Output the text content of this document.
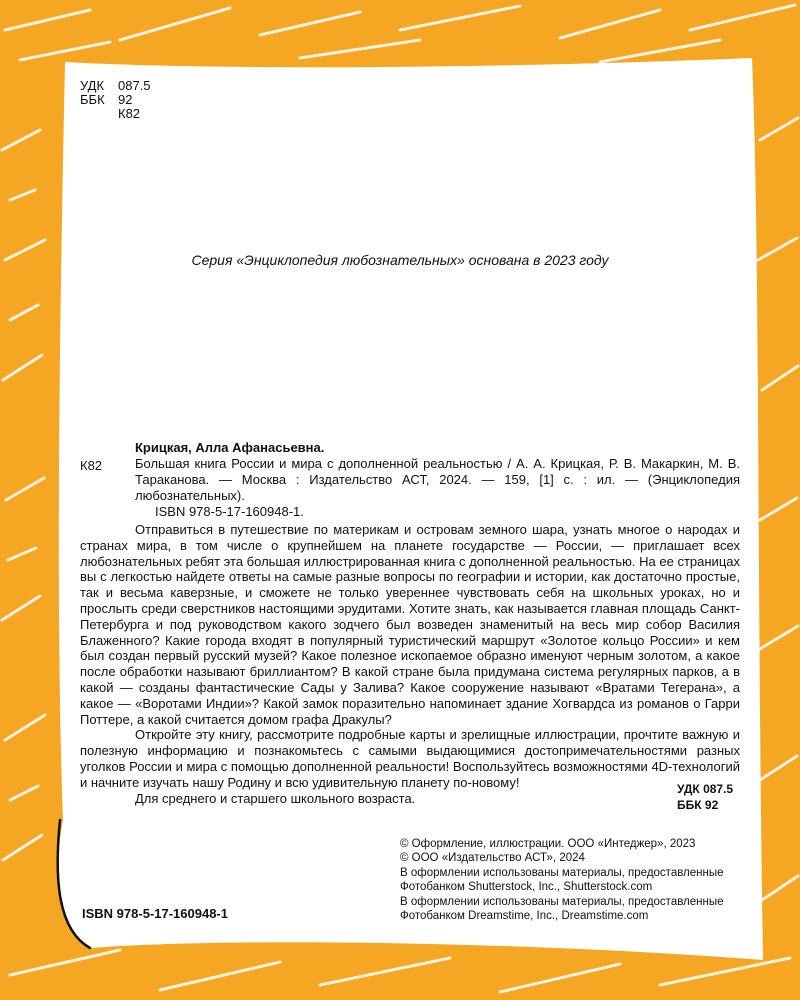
УДК	087.5
ББК	92
К82
Серия «Энциклопедия любознательных» основана в 2023 году

Крицкая, Алла Афанасьевна.

Большая книга России и мира с дополненной реальностью / А. А. Крицкая, Р. В. Макаркин, М. В. Тараканова. — Москва : Издательство АСТ, 2024. — 159, [1] с. : ил. — (Энциклопедия любознательных).

ISBN 978-5-17-160948-1.

К82

Отправиться в путешествие по материкам и островам земного шара, узнать многое о народах и странах мира, в том числе о крупнейшем на планете государстве — России, — приглашает всех любознательных ребят эта большая иллюстрированная книга с дополненной реальностью. На ее страницах вы с легкостью найдете ответы на самые разные вопросы по географии и истории, как достаточно простые, так и весьма каверзные, и сможете не только увереннее чувствовать себя на школьных уроках, но и прослыть среди сверстников настоящими эрудитами. Хотите знать, как называется главная площадь Санкт-Петербурга и под руководством какого зодчего был возведен знаменитый на весь мир собор Василия Блаженного? Какие города входят в популярный туристический маршрут «Золотое кольцо России» и кем был создан первый русский музей? Какое полезное ископаемое образно именуют черным золотом, а какое после обработки называют бриллиантом? В какой стране была придумана система регулярных парков, а в какой — созданы фантастические Сады у Залива? Какое сооружение называют «Вратами Тегерана», а какое — «Воротами Индии»? Какой замок поразительно напоминает здание Хогвардса из романов о Гарри Поттере, а какой считается домом графа Дракулы?

Откройте эту книгу, рассмотрите подробные карты и зрелищные иллюстрации, прочтите важную и полезную информацию и познакомьтесь с самыми выдающимися достопримечательностями разных уголков России и мира с помощью дополненной реальности! Воспользуйтесь возможностями 4D-технологий и начните изучать нашу Родину и всю удивительную планету по-новому!

Для среднего и старшего школьного возраста.

УДК 087.5
ББК 92
© Оформление, иллюстрации. ООО «Интеджер», 2023
© ООО «Издательство АСТ», 2024
В оформлении использованы материалы, предоставленные Фотобанком Shutterstock, Inc., Shutterstock.com
В оформлении использованы материалы, предоставленные Фотобанком Dreamstime, Inc., Dreamstime.com
ISBN 978-5-17-160948-1
